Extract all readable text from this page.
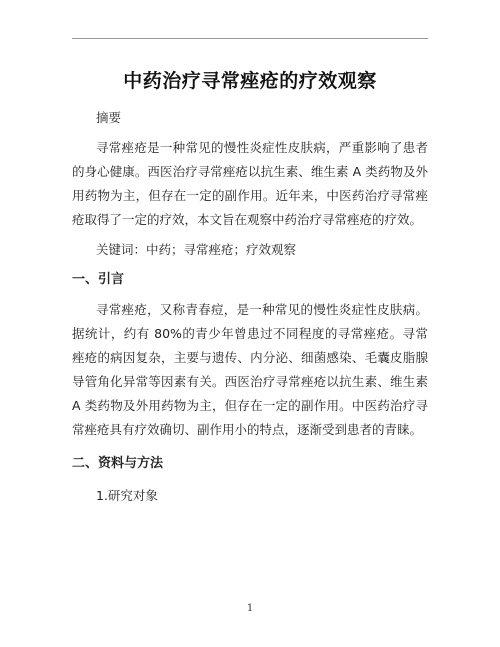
中药治疗寻常痤疮的疗效观察

摘要

寻常痤疮是一种常见的慢性炎症性皮肤病，严重影响了患者的身心健康。西医治疗寻常痤疮以抗生素、维生素 A 类药物及外用药物为主，但存在一定的副作用。近年来，中医药治疗寻常痤疮取得了一定的疗效，本文旨在观察中药治疗寻常痤疮的疗效。

关键词：中药；寻常痤疮；疗效观察

一、引言

寻常痤疮，又称青春痘，是一种常见的慢性炎症性皮肤病。据统计，约有 80%的青少年曾患过不同程度的寻常痤疮。寻常痤疮的病因复杂，主要与遗传、内分泌、细菌感染、毛囊皮脂腺导管角化异常等因素有关。西医治疗寻常痤疮以抗生素、维生素 A 类药物及外用药物为主，但存在一定的副作用。中医药治疗寻常痤疮具有疗效确切、副作用小的特点，逐渐受到患者的青睐。

二、资料与方法

1.研究对象

1
